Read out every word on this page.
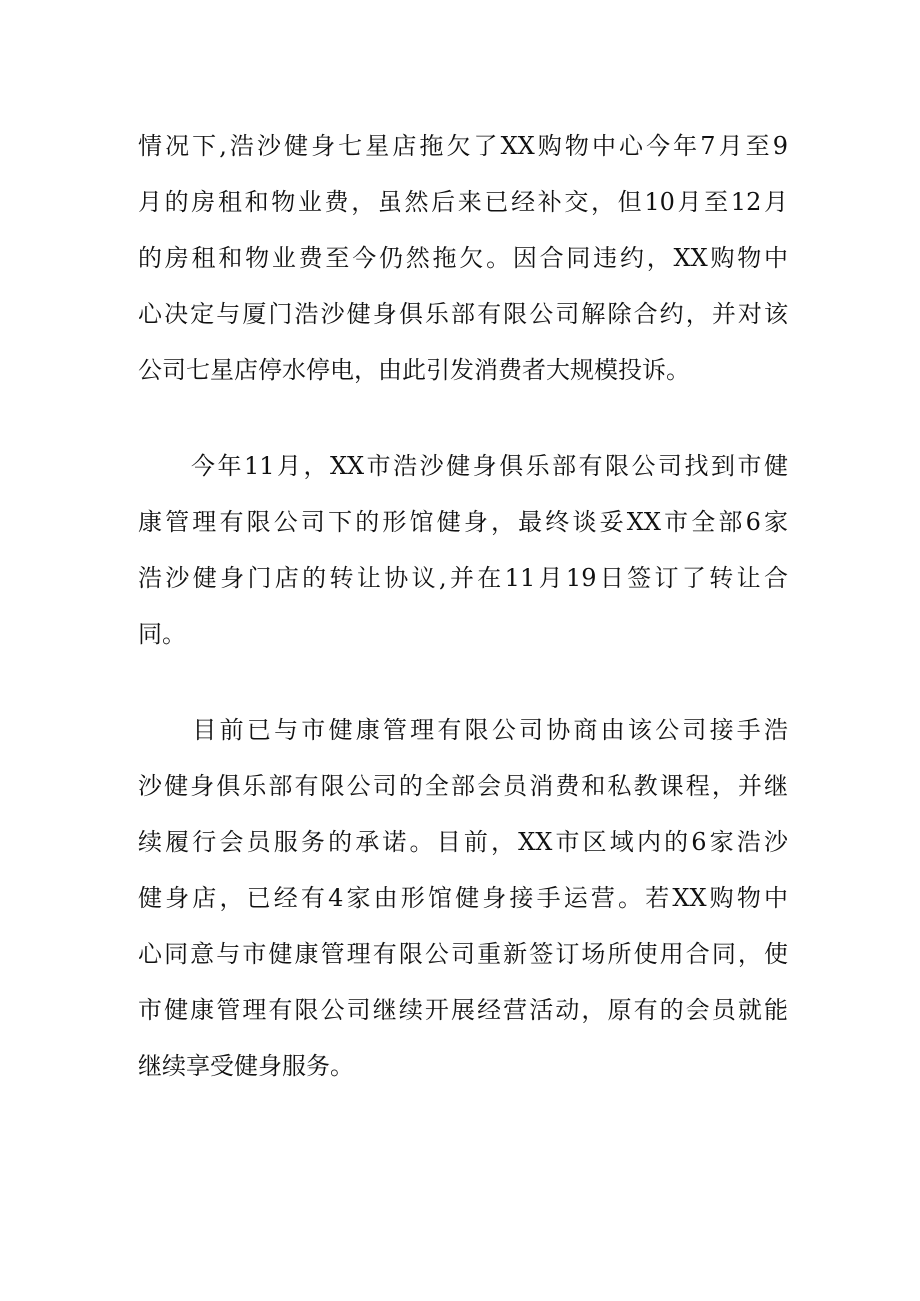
情况下,浩沙健身七星店拖欠了XX购物中心今年7月至9
月的房租和物业费，虽然后来已经补交，但10月至12月
的房租和物业费至今仍然拖欠。因合同违约，XX购物中
心决定与厦门浩沙健身俱乐部有限公司解除合约，并对该
公司七星店停水停电，由此引发消费者大规模投诉。
　　今年11月，XX市浩沙健身俱乐部有限公司找到市健
康管理有限公司下的形馆健身，最终谈妥XX市全部6家
浩沙健身门店的转让协议,并在11月19日签订了转让合
同。
　　目前已与市健康管理有限公司协商由该公司接手浩
沙健身俱乐部有限公司的全部会员消费和私教课程，并继
续履行会员服务的承诺。目前，XX市区域内的6家浩沙
健身店，已经有4家由形馆健身接手运营。若XX购物中
心同意与市健康管理有限公司重新签订场所使用合同，使
市健康管理有限公司继续开展经营活动，原有的会员就能
继续享受健身服务。
